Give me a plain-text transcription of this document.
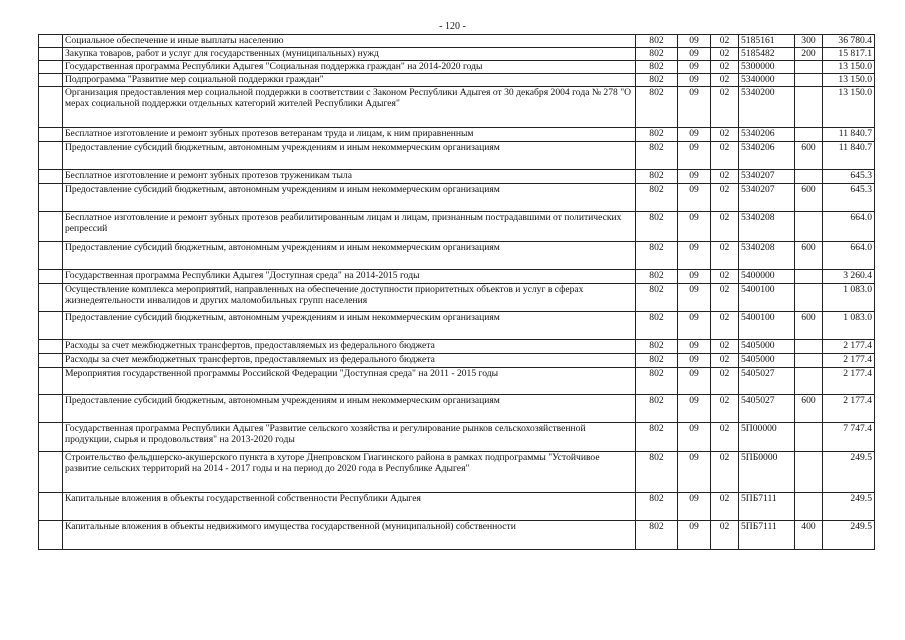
- 120 -
	Социальное обеспечение и иные выплаты населению	802	09	02	5185161	300	36 780.4
	Закупка товаров, работ и услуг для государственных (муниципальных) нужд	802	09	02	5185482	200	15 817.1
	Государственная программа Республики Адыгея "Социальная поддержка граждан" на 2014-2020 годы	802	09	02	5300000		13 150.0
	Подпрограмма "Развитие мер социальной поддержки граждан"	802	09	02	5340000		13 150.0
	Организация предоставления мер социальной поддержки в соответствии с Законом Республики Адыгея от 30 декабря 2004 года № 278 "О мерах социальной поддержки отдельных категорий жителей Республики Адыгея"	802	09	02	5340200		13 150.0
	Бесплатное изготовление и ремонт зубных протезов ветеранам труда и лицам, к ним приравненным	802	09	02	5340206		11 840.7
	Предоставление субсидий бюджетным, автономным учреждениям и иным некоммерческим организациям	802	09	02	5340206	600	11 840.7
	Бесплатное изготовление и ремонт зубных протезов труженикам тыла	802	09	02	5340207		645.3
	Предоставление субсидий бюджетным, автономным учреждениям и иным некоммерческим организациям	802	09	02	5340207	600	645.3
	Бесплатное изготовление и ремонт зубных протезов реабилитированным лицам и лицам, признанным пострадавшими от политических репрессий	802	09	02	5340208		664.0
	Предоставление субсидий бюджетным, автономным учреждениям и иным некоммерческим организациям	802	09	02	5340208	600	664.0
	Государственная программа Республики Адыгея "Доступная среда" на 2014-2015 годы	802	09	02	5400000		3 260.4
	Осуществление комплекса мероприятий, направленных на обеспечение доступности приоритетных объектов и услуг в сферах жизнедеятельности инвалидов и других маломобильных групп населения	802	09	02	5400100		1 083.0
	Предоставление субсидий бюджетным, автономным учреждениям и иным некоммерческим организациям	802	09	02	5400100	600	1 083.0
	Расходы за счет межбюджетных трансфертов, предоставляемых из федерального бюджета	802	09	02	5405000		2 177.4
	Расходы за счет межбюджетных трансфертов, предоставляемых из федерального бюджета	802	09	02	5405000		2 177.4
	Мероприятия государственной программы Российской Федерации "Доступная среда" на 2011 - 2015 годы	802	09	02	5405027		2 177.4
	Предоставление субсидий бюджетным, автономным учреждениям и иным некоммерческим организациям	802	09	02	5405027	600	2 177.4
	Государственная программа Республики Адыгея "Развитие сельского хозяйства и регулирование рынков сельскохозяйственной продукции, сырья и продовольствия" на 2013-2020 годы	802	09	02	5П00000		7 747.4
	Строительство фельдшерско-акушерского пункта в хуторе Днепровском Гиагинского района в рамках подпрограммы "Устойчивое развитие сельских территорий на 2014 - 2017 годы и на период до 2020 года в Республике Адыгея"	802	09	02	5ПБ0000		249.5
	Капитальные вложения в объекты государственной собственности Республики Адыгея	802	09	02	5ПБ7111		249.5
	Капитальные вложения в объекты недвижимого имущества государственной (муниципальной) собственности	802	09	02	5ПБ7111	400	249.5
